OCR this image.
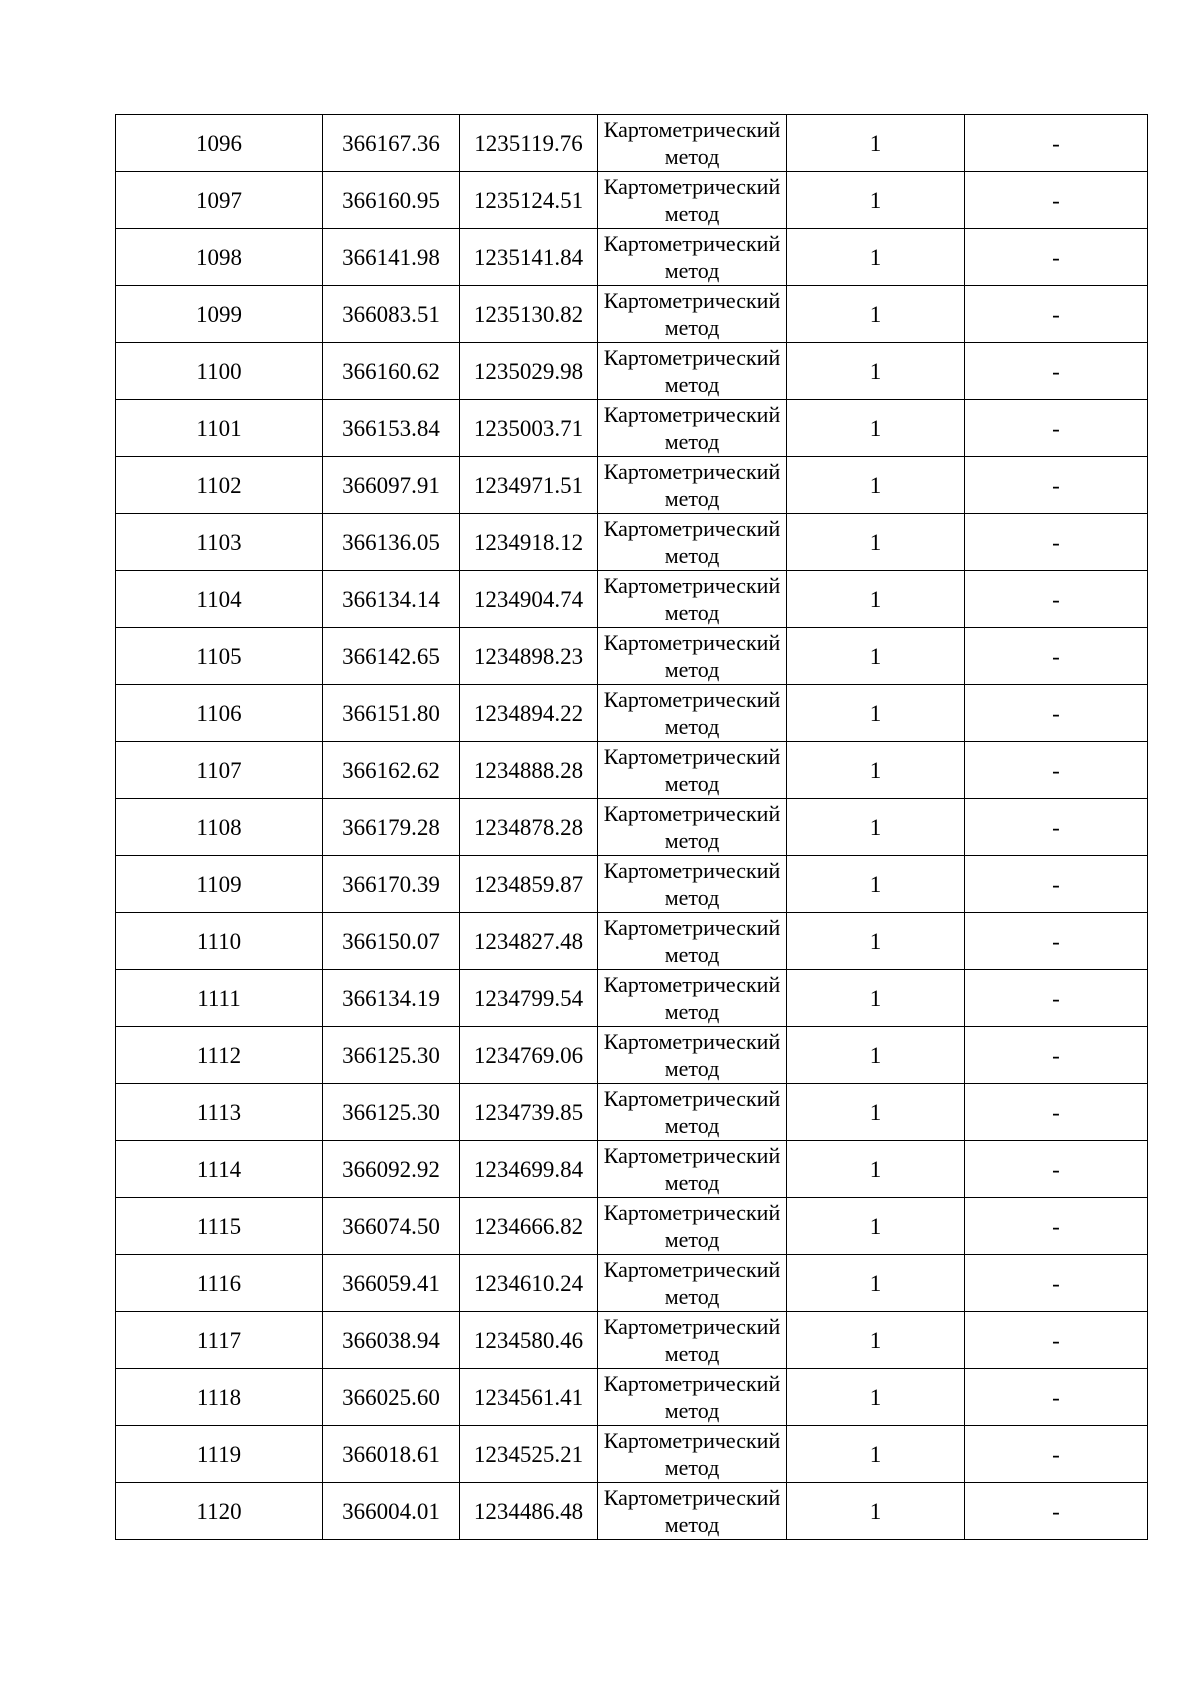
1096	366167.36	1235119.76	Картометрический метод	1	-
1097	366160.95	1235124.51	Картометрический метод	1	-
1098	366141.98	1235141.84	Картометрический метод	1	-
1099	366083.51	1235130.82	Картометрический метод	1	-
1100	366160.62	1235029.98	Картометрический метод	1	-
1101	366153.84	1235003.71	Картометрический метод	1	-
1102	366097.91	1234971.51	Картометрический метод	1	-
1103	366136.05	1234918.12	Картометрический метод	1	-
1104	366134.14	1234904.74	Картометрический метод	1	-
1105	366142.65	1234898.23	Картометрический метод	1	-
1106	366151.80	1234894.22	Картометрический метод	1	-
1107	366162.62	1234888.28	Картометрический метод	1	-
1108	366179.28	1234878.28	Картометрический метод	1	-
1109	366170.39	1234859.87	Картометрический метод	1	-
1110	366150.07	1234827.48	Картометрический метод	1	-
1111	366134.19	1234799.54	Картометрический метод	1	-
1112	366125.30	1234769.06	Картометрический метод	1	-
1113	366125.30	1234739.85	Картометрический метод	1	-
1114	366092.92	1234699.84	Картометрический метод	1	-
1115	366074.50	1234666.82	Картометрический метод	1	-
1116	366059.41	1234610.24	Картометрический метод	1	-
1117	366038.94	1234580.46	Картометрический метод	1	-
1118	366025.60	1234561.41	Картометрический метод	1	-
1119	366018.61	1234525.21	Картометрический метод	1	-
1120	366004.01	1234486.48	Картометрический метод	1	-
